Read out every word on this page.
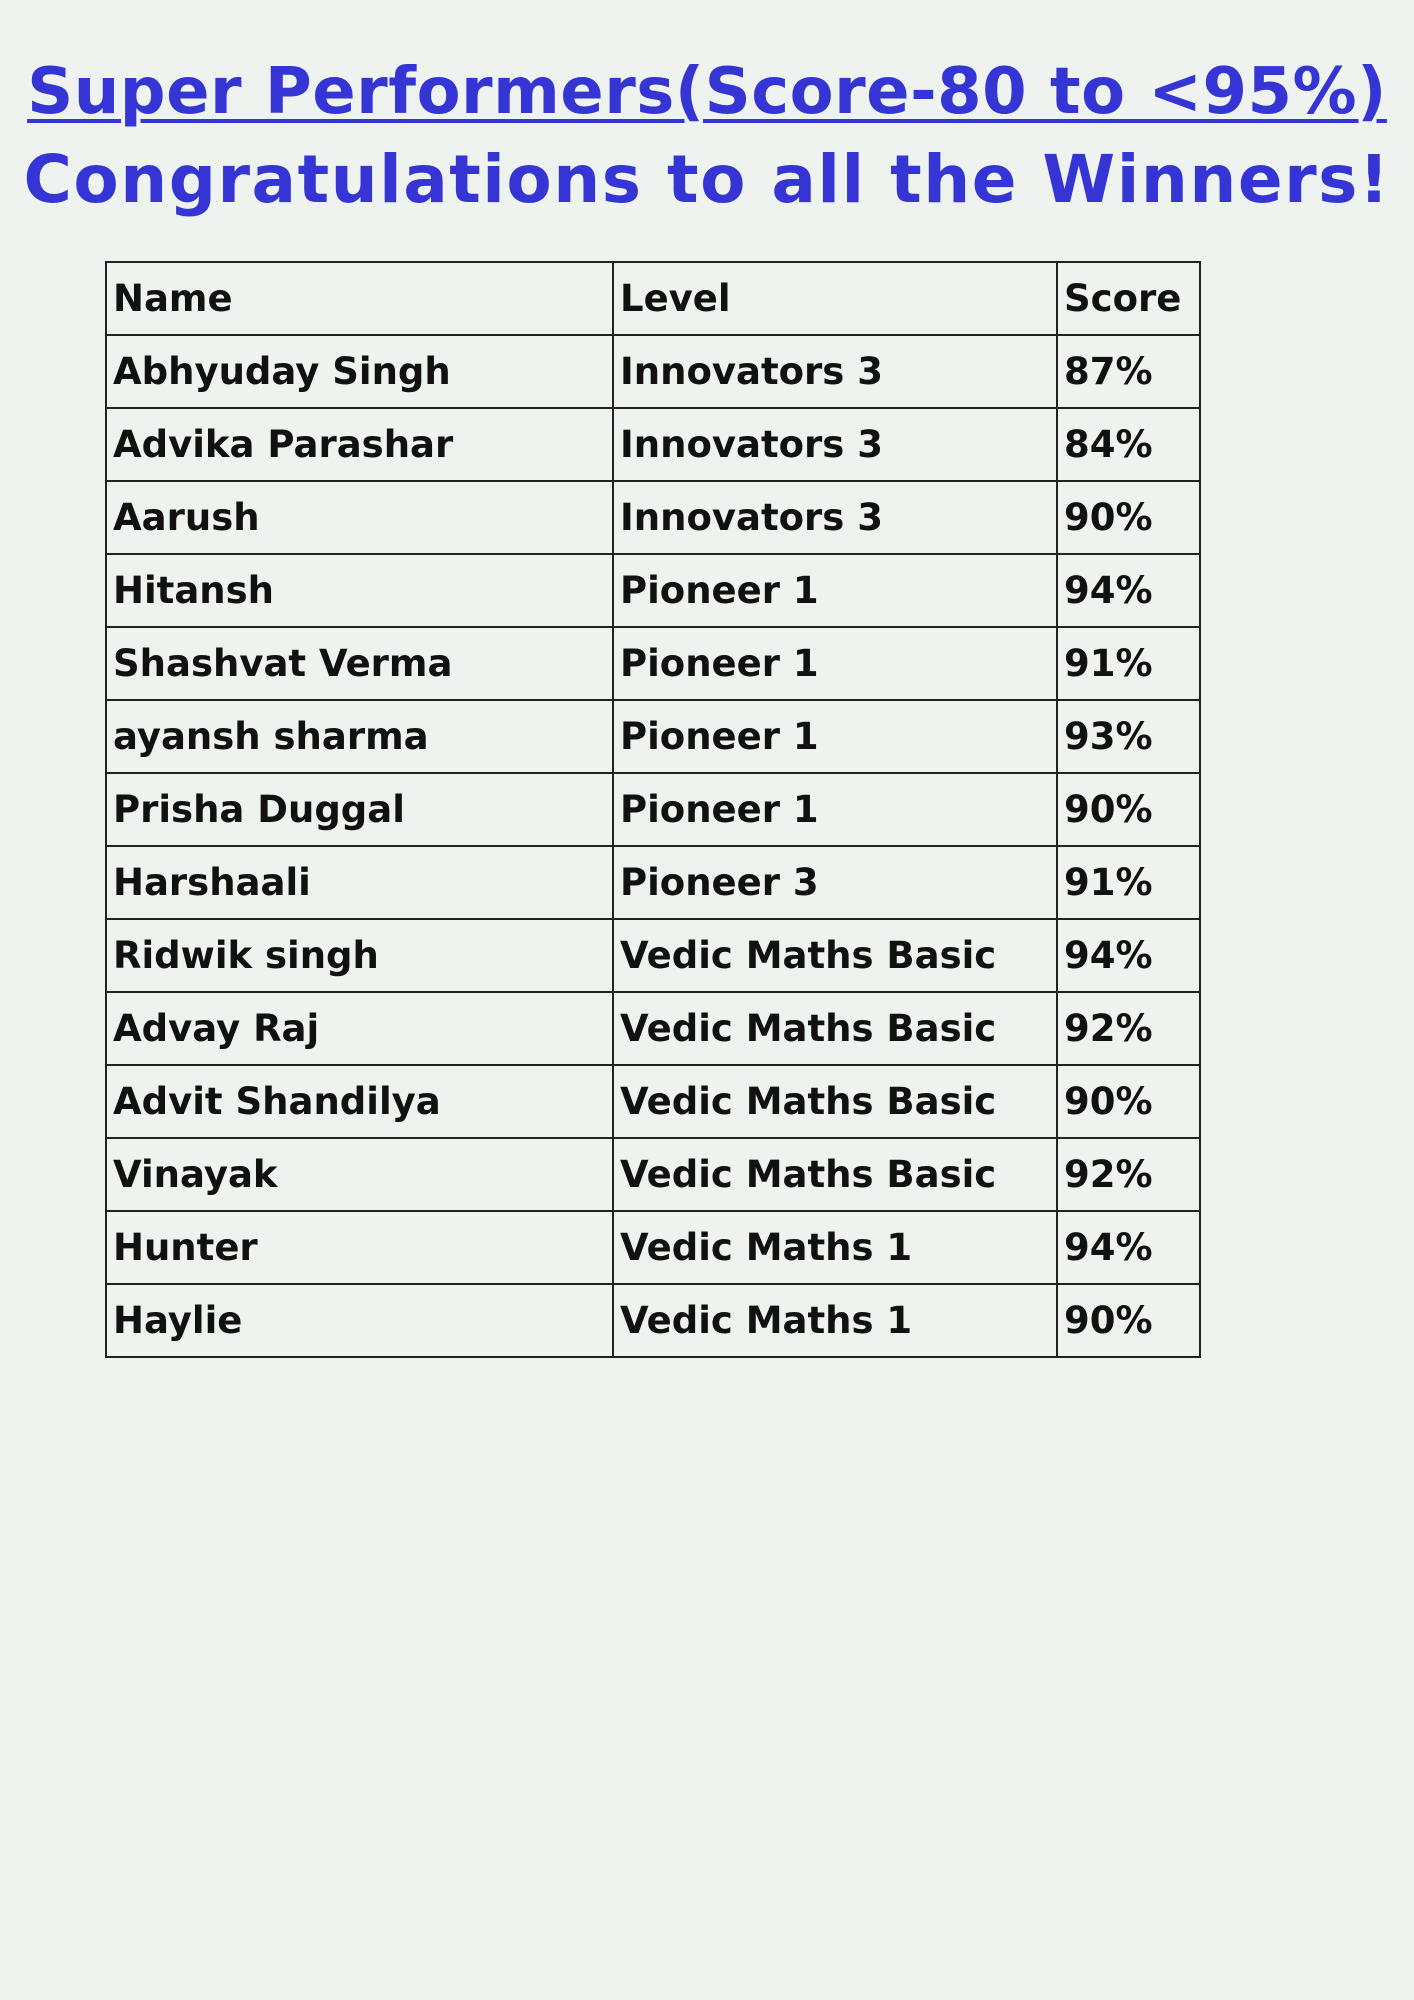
Super Performers(Score-80 to <95%)
Congratulations to all the Winners!
Name	Level	Score
Abhyuday Singh	Innovators 3	87%
Advika Parashar	Innovators 3	84%
Aarush	Innovators 3	90%
Hitansh	Pioneer 1	94%
Shashvat Verma	Pioneer 1	91%
ayansh sharma	Pioneer 1	93%
Prisha Duggal	Pioneer 1	90%
Harshaali	Pioneer 3	91%
Ridwik singh	Vedic Maths Basic	94%
Advay Raj	Vedic Maths Basic	92%
Advit Shandilya	Vedic Maths Basic	90%
Vinayak	Vedic Maths Basic	92%
Hunter	Vedic Maths 1	94%
Haylie	Vedic Maths 1	90%
